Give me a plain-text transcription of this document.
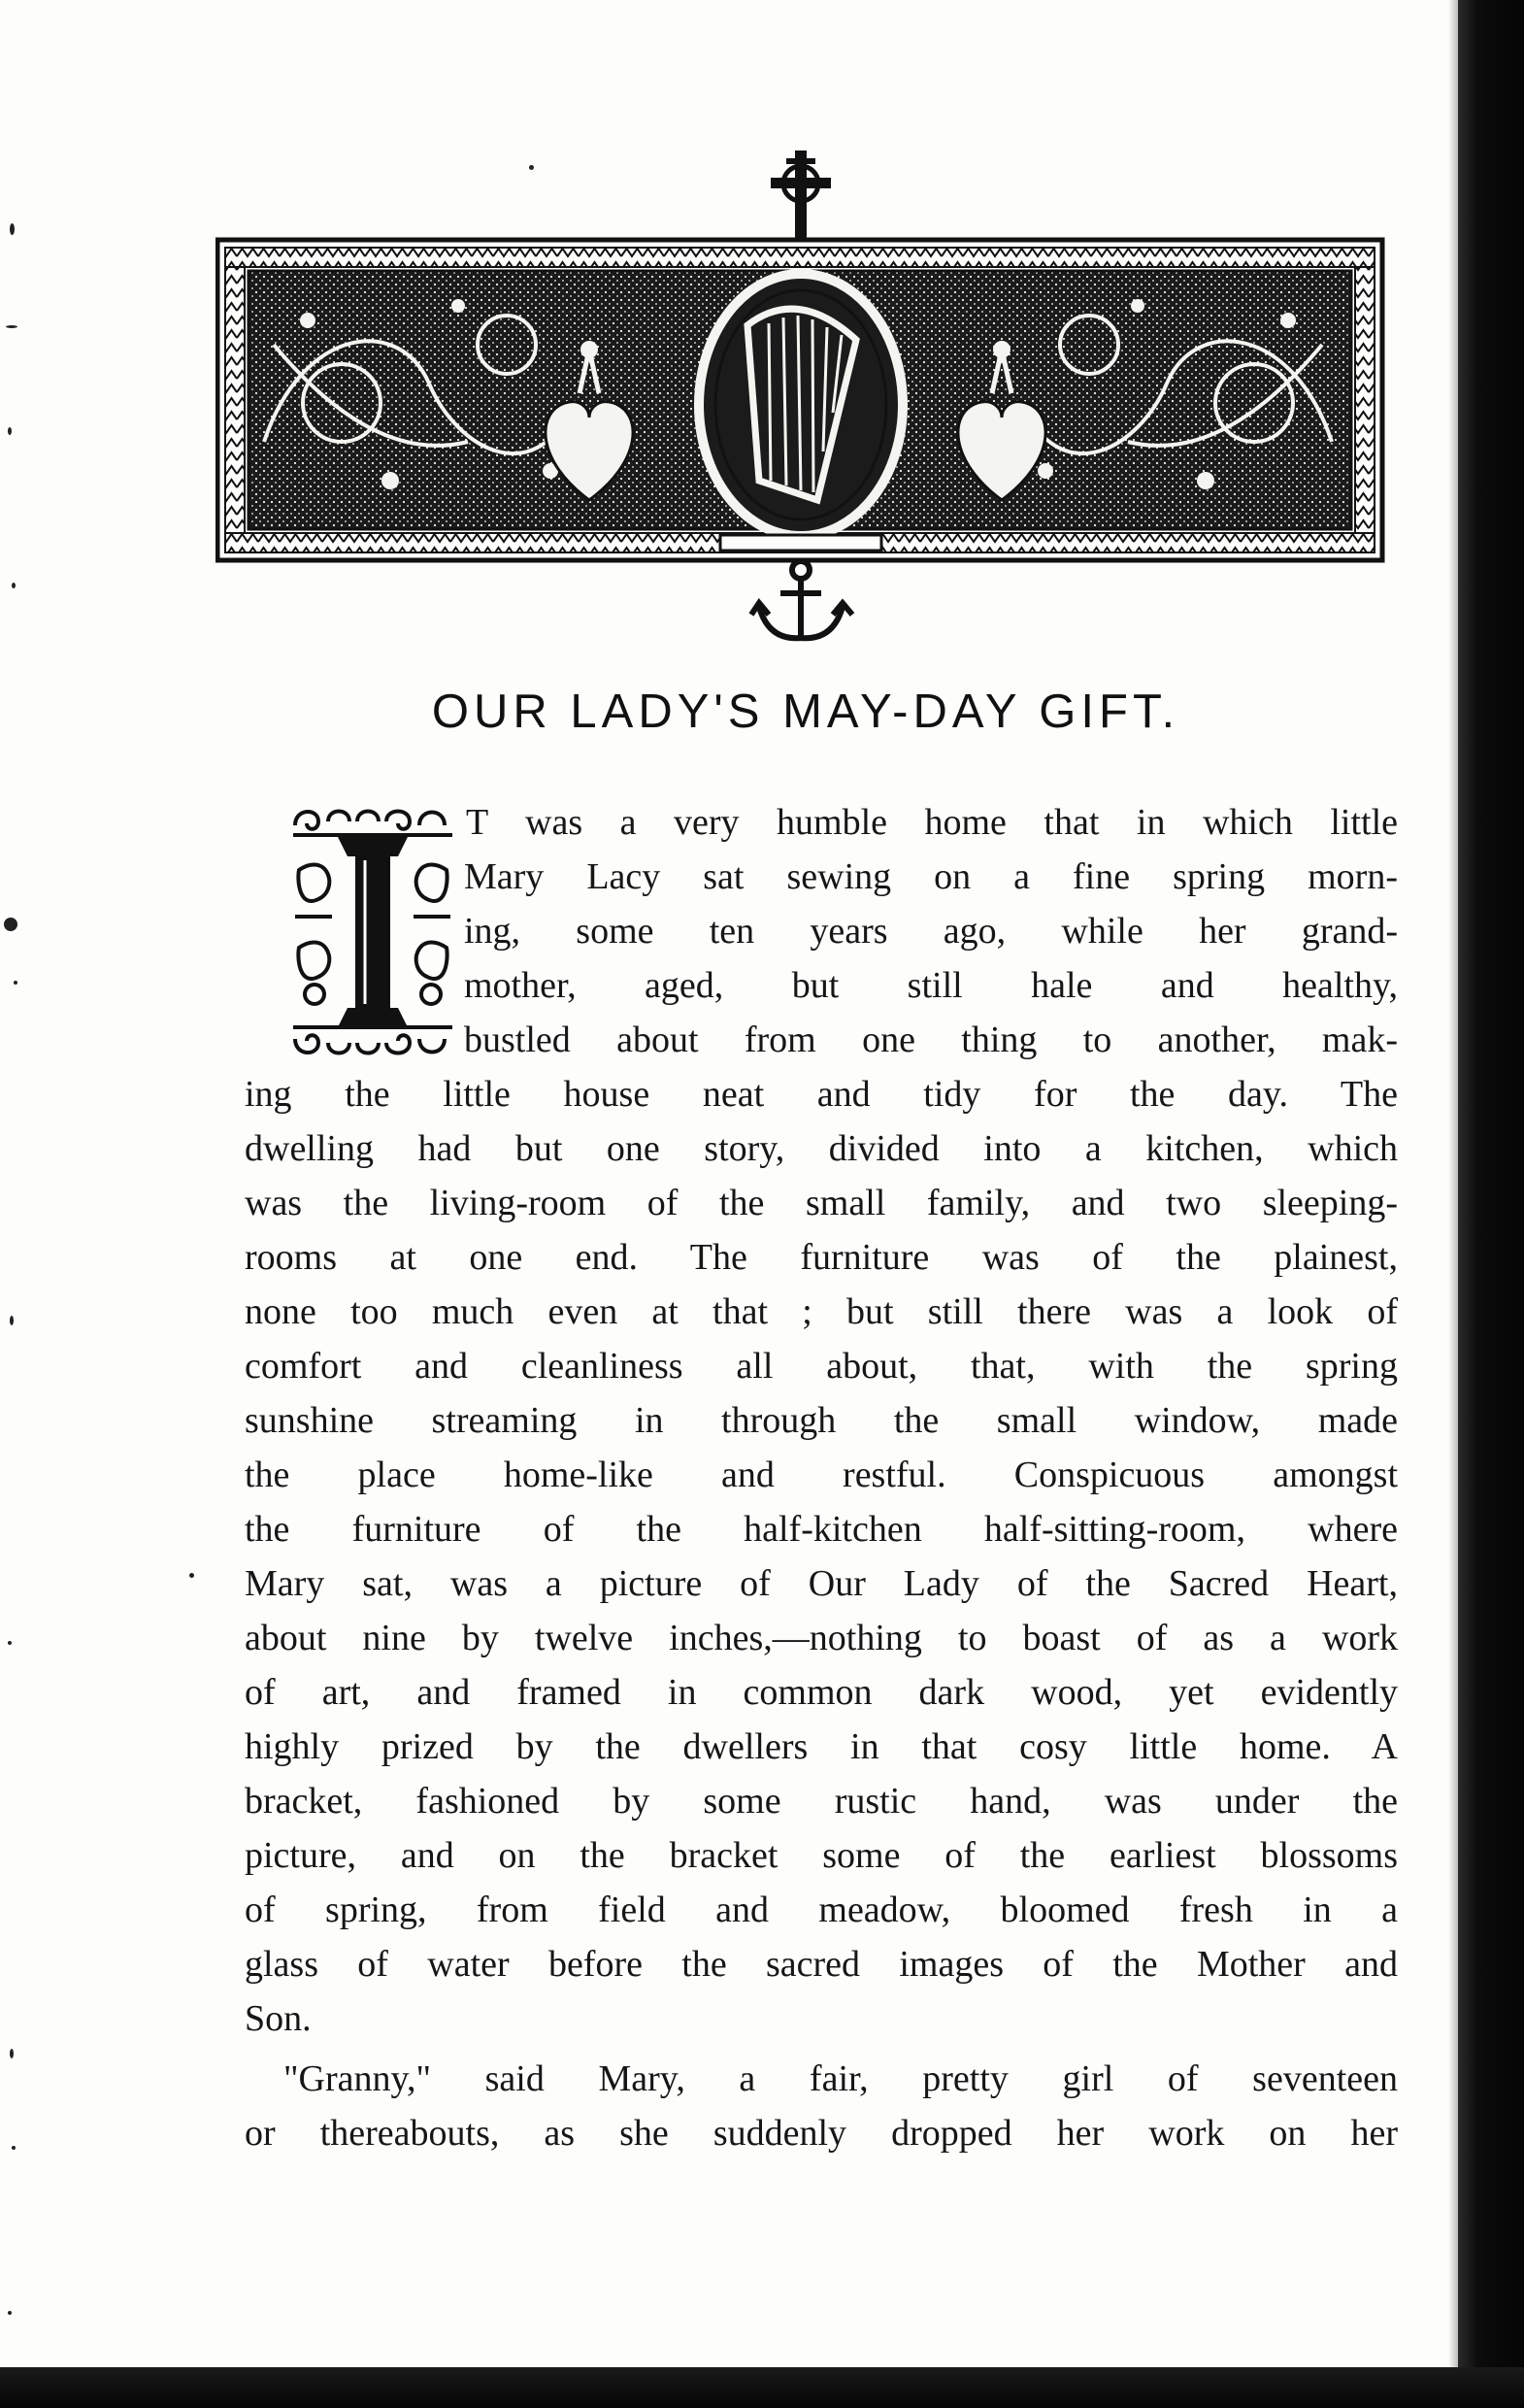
OUR LADY'S MAY-DAY GIFT.
I
T was a very humble home that in which little
Mary Lacy sat sewing on a fine spring morn-
ing, some ten years ago, while her grand-
mother, aged, but still hale and healthy,
bustled about from one thing to another, mak-
ing the little house neat and tidy for the day. The
dwelling had but one story, divided into a kitchen, which
was the living-room of the small family, and two sleeping-
rooms at one end. The furniture was of the plainest,
none too much even at that ; but still there was a look of
comfort and cleanliness all about, that, with the spring
sunshine streaming in through the small window, made
the place home-like and restful. Conspicuous amongst
the furniture of the half-kitchen half-sitting-room, where
Mary sat, was a picture of Our Lady of the Sacred Heart,
about nine by twelve inches,—nothing to boast of as a work
of art, and framed in common dark wood, yet evidently
highly prized by the dwellers in that cosy little home. A
bracket, fashioned by some rustic hand, was under the
picture, and on the bracket some of the earliest blossoms
of spring, from field and meadow, bloomed fresh in a
glass of water before the sacred images of the Mother and
Son.
"Granny," said Mary, a fair, pretty girl of seventeen
or thereabouts, as she suddenly dropped her work on her
